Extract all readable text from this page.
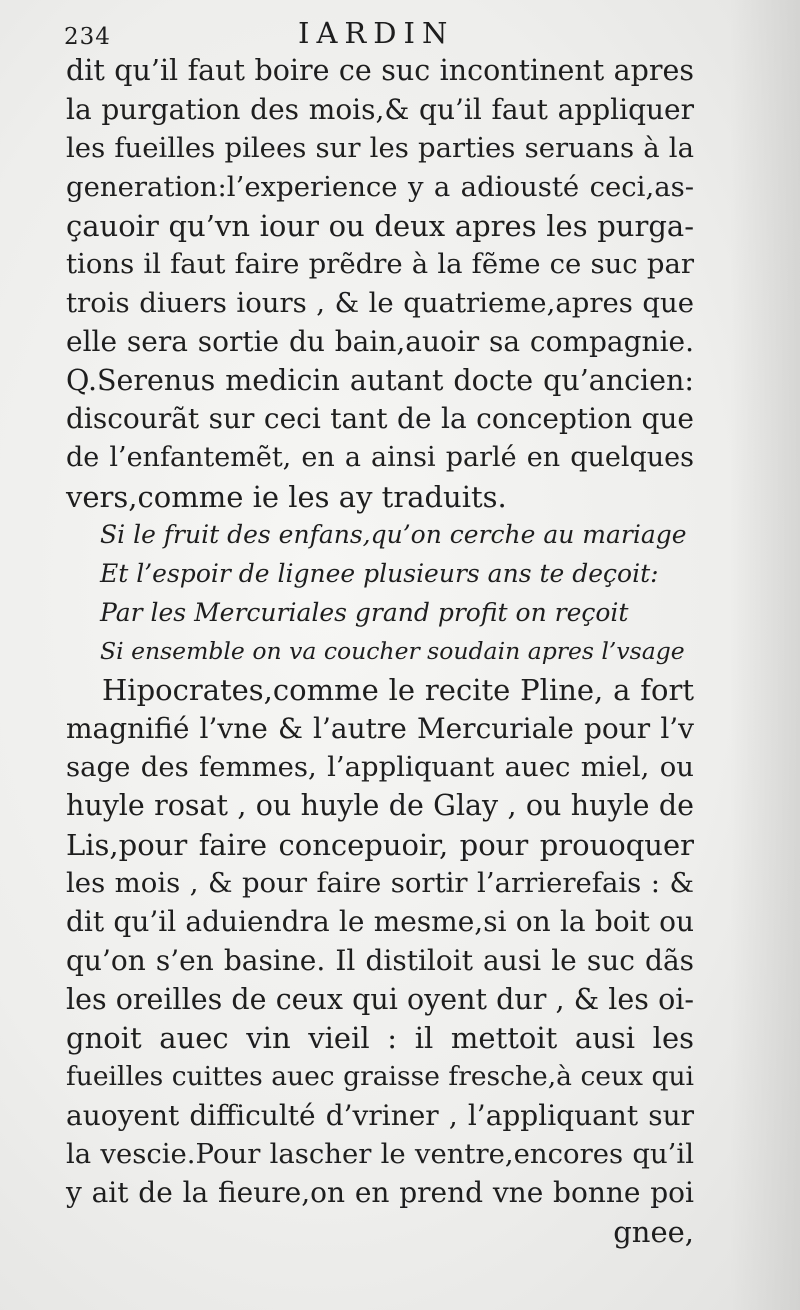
234	IARDIN
dit qu’il faut boire ce suc incontinent apres
la purgation des mois,& qu’il faut appliquer
les fueilles pilees sur les parties seruans à la
generation:l’experience y a adiousté ceci,as-
çauoir qu’vn iour ou deux apres les purga-
tions il faut faire prẽdre à la fẽme ce suc par
trois diuers iours , & le quatrieme,apres que
elle sera sortie du bain,auoir sa compagnie.
Q.Serenus medicin autant docte qu’ancien:
discourãt sur ceci tant de la conception que
de l’enfantemẽt, en a ainsi parlé en quelques
vers,comme ie les ay traduits.
Si le fruit des enfans,qu’on cerche au mariage
Et l’espoir de lignee plusieurs ans te deçoit:
Par les Mercuriales grand profit on reçoit
Si ensemble on va coucher soudain apres l’vsage
Hipocrates,comme le recite Pline, a fort
magnifié l’vne & l’autre Mercuriale pour l’v
sage des femmes, l’appliquant auec miel, ou
huyle rosat , ou huyle de Glay , ou huyle de
Lis,pour faire concepuoir, pour prouoquer
les mois , & pour faire sortir l’arrierefais : &
dit qu’il aduiendra le mesme,si on la boit ou
qu’on s’en basine. Il distiloit ausi le suc dãs
les oreilles de ceux qui oyent dur , & les oi-
gnoit auec vin vieil : il mettoit ausi les
fueilles cuittes auec graisse fresche,à ceux qui
auoyent difficulté d’vriner , l’appliquant sur
la vescie.Pour lascher le ventre,encores qu’il
y ait de la fieure,on en prend vne bonne poi
gnee,
